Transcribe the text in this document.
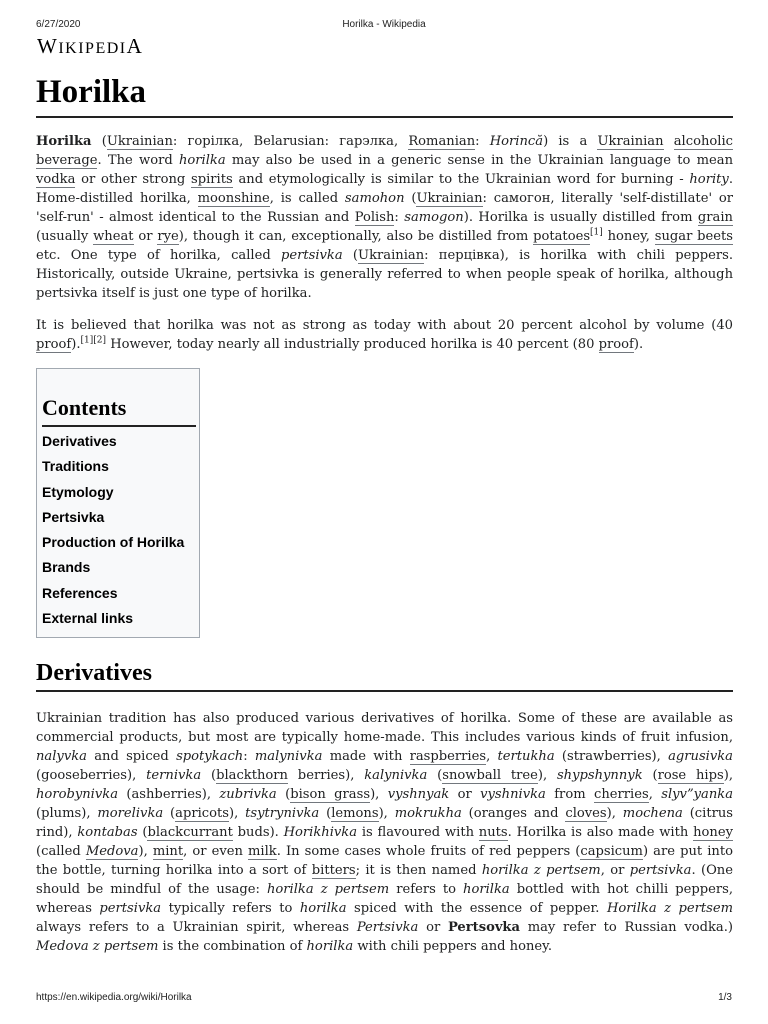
6/27/2020	Horilka - Wikipedia
WIKIPEDIA
Horilka

Horilka (Ukrainian: горілка, Belarusian: гарэлка, Romanian: Horincă) is a Ukrainian alcoholic beverage. The word horilka may also be used in a generic sense in the Ukrainian language to mean vodka or other strong spirits and etymologically is similar to the Ukrainian word for burning - hority. Home-distilled horilka, moonshine, is called samohon (Ukrainian: самогон, literally 'self-distillate' or 'self-run' - almost identical to the Russian and Polish: samogon). Horilka is usually distilled from grain (usually wheat or rye), though it can, exceptionally, also be distilled from potatoes[1] honey, sugar beets etc. One type of horilka, called pertsivka (Ukrainian: перцівка), is horilka with chili peppers. Historically, outside Ukraine, pertsivka is generally referred to when people speak of horilka, although pertsivka itself is just one type of horilka.

It is believed that horilka was not as strong as today with about 20 percent alcohol by volume (40 proof).[1][2] However, today nearly all industrially produced horilka is 40 percent (80 proof).

Contents
Derivatives
Traditions
Etymology
Pertsivka
Production of Horilka
Brands
References
External links
Derivatives

Ukrainian tradition has also produced various derivatives of horilka. Some of these are available as commercial products, but most are typically home-made. This includes various kinds of fruit infusion, nalyvka and spiced spotykach: malynivka made with raspberries, tertukha (strawberries), agrusivka (gooseberries), ternivka (blackthorn berries), kalynivka (snowball tree), shypshynnyk (rose hips), horobynivka (ashberries), zubrivka (bison grass), vyshnyak or vyshnivka from cherries, slyv”yanka (plums), morelivka (apricots), tsytrynivka (lemons), mokrukha (oranges and cloves), mochena (citrus rind), kontabas (blackcurrant buds). Horikhivka is flavoured with nuts. Horilka is also made with honey (called Medova), mint, or even milk. In some cases whole fruits of red peppers (capsicum) are put into the bottle, turning horilka into a sort of bitters; it is then named horilka z pertsem, or pertsivka. (One should be mindful of the usage: horilka z pertsem refers to horilka bottled with hot chilli peppers, whereas pertsivka typically refers to horilka spiced with the essence of pepper. Horilka z pertsem always refers to a Ukrainian spirit, whereas Pertsivka or Pertsovka may refer to Russian vodka.) Medova z pertsem is the combination of horilka with chili peppers and honey.

https://en.wikipedia.org/wiki/Horilka	1/3
